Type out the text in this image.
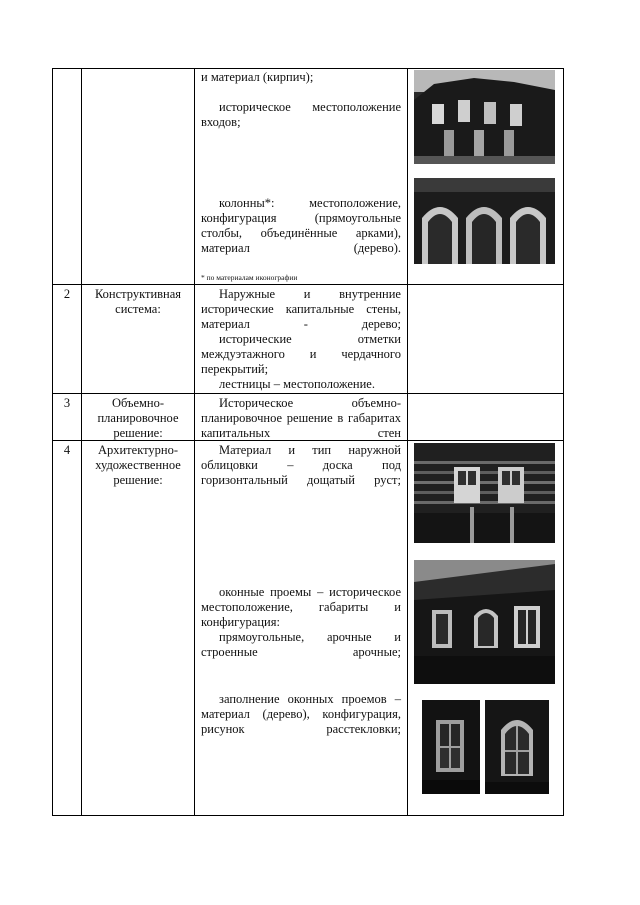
и материал (кирпич);
историческое местоположение входов;
колонны*: местоположение, конфигурация (прямоугольные столбы, объединённые арками), материал (дерево).
* по материалам иконографии
2	Конструктивная система:
Наружные и внутренние исторические капитальные стены, материал - дерево;
исторические отметки междуэтажного и чердачного перекрытий;
лестницы – местоположение.
3	Объемно-планировочное решение:
Историческое объемно-планировочное решение в габаритах капитальных стен
4	Архитектурно-художественное решение:
Материал и тип наружной облицовки – доска под горизонтальный дощатый руст;
оконные проемы – историческое местоположение, габариты и конфигурация:
прямоугольные, арочные и строенные арочные;
заполнение оконных проемов – материал (дерево), конфигурация, рисунок расстекловки;
